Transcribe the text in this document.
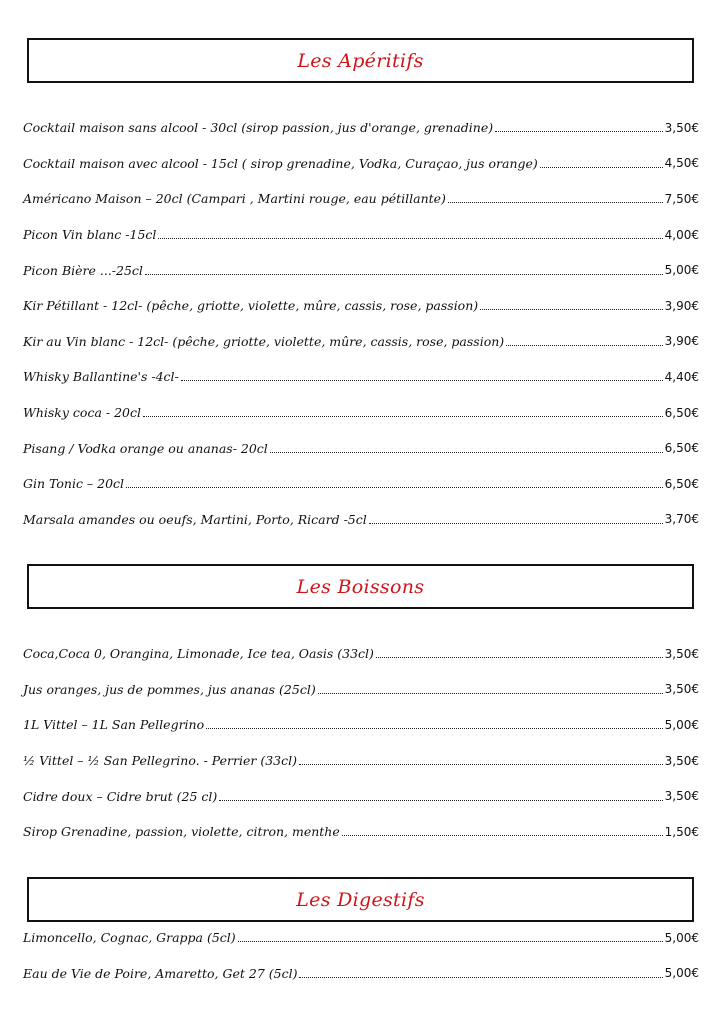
Les Apéritifs
Cocktail maison sans alcool - 30cl (sirop passion, jus d'orange, grenadine)	3,50€
Cocktail maison avec alcool - 15cl ( sirop grenadine, Vodka, Curaçao, jus orange)	4,50€
Américano Maison – 20cl (Campari , Martini rouge, eau pétillante)	7,50€
Picon Vin blanc -15cl	4,00€
Picon Bière ...-25cl	5,00€
Kir Pétillant - 12cl- (pêche, griotte, violette, mûre, cassis, rose, passion)	3,90€
Kir au Vin blanc - 12cl- (pêche, griotte, violette, mûre, cassis, rose, passion)	3,90€
Whisky Ballantine's -4cl-	4,40€
Whisky coca - 20cl	6,50€
Pisang / Vodka orange ou ananas- 20cl	6,50€
Gin Tonic – 20cl	6,50€
Marsala amandes ou oeufs, Martini, Porto, Ricard -5cl	3,70€
Les Boissons
Coca,Coca 0, Orangina, Limonade, Ice tea, Oasis (33cl)	3,50€
Jus oranges, jus de pommes, jus ananas (25cl)	3,50€
1L Vittel – 1L San Pellegrino	5,00€
½ Vittel – ½ San Pellegrino. - Perrier (33cl)	3,50€
Cidre doux – Cidre brut (25 cl)	3,50€
Sirop Grenadine, passion, violette, citron, menthe	1,50€
Les Digestifs
Limoncello, Cognac, Grappa (5cl)	5,00€
Eau de Vie de Poire, Amaretto, Get 27 (5cl)	5,00€
